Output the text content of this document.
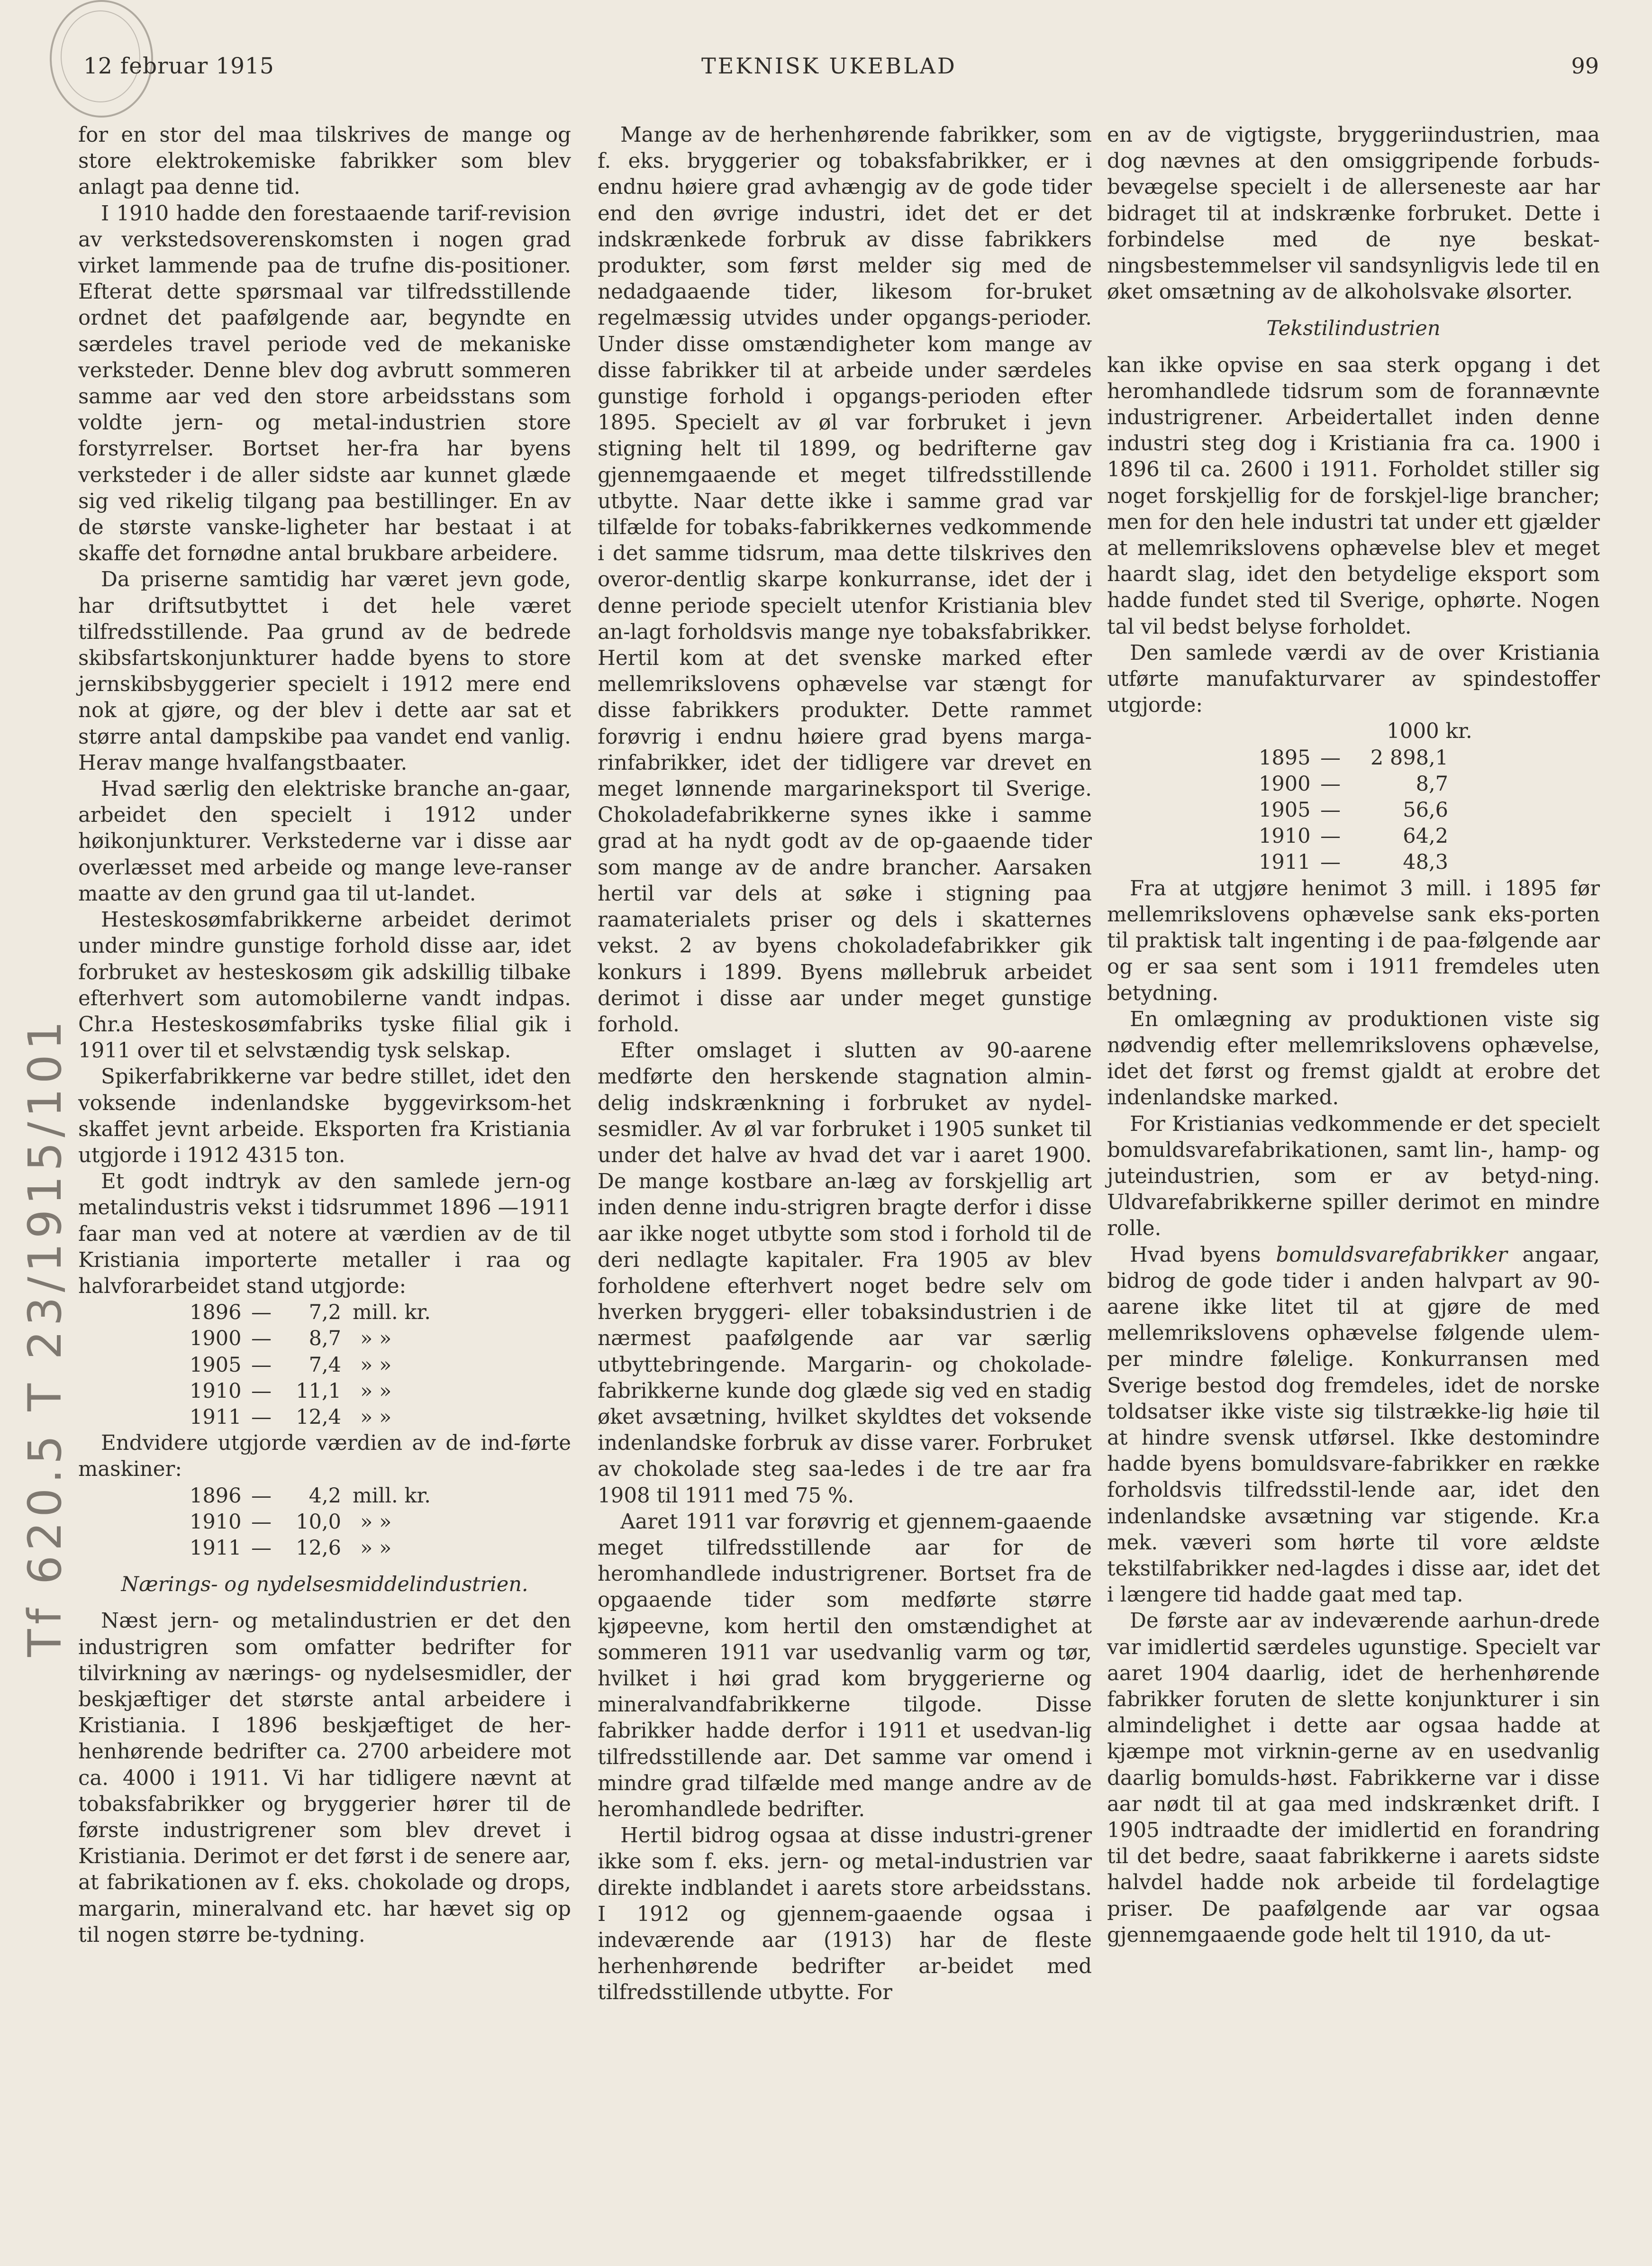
12 februar 1915	TEKNISK UKEBLAD	99
Tf 620.5 T 23/1915/101

for en stor del maa tilskrives de mange og store elektrokemiske fabrikker som blev anlagt paa denne tid.

I 1910 hadde den forestaaende tarif-revision av verkstedsoverenskomsten i nogen grad virket lammende paa de trufne dis-positioner. Efterat dette spørsmaal var tilfredsstillende ordnet det paafølgende aar, begyndte en særdeles travel periode ved de mekaniske verksteder. Denne blev dog avbrutt sommeren samme aar ved den store arbeidsstans som voldte jern- og metal-industrien store forstyrrelser. Bortset her-fra har byens verksteder i de aller sidste aar kunnet glæde sig ved rikelig tilgang paa bestillinger. En av de største vanske-ligheter har bestaat i at skaffe det fornødne antal brukbare arbeidere.

Da priserne samtidig har været jevn gode, har driftsutbyttet i det hele været tilfredsstillende. Paa grund av de bedrede skibsfartskonjunkturer hadde byens to store jernskibsbyggerier specielt i 1912 mere end nok at gjøre, og der blev i dette aar sat et større antal dampskibe paa vandet end vanlig. Herav mange hvalfangstbaater.

Hvad særlig den elektriske branche an-gaar, arbeidet den specielt i 1912 under høikonjunkturer. Verkstederne var i disse aar overlæsset med arbeide og mange leve-ranser maatte av den grund gaa til ut-landet.

Hesteskosømfabrikkerne arbeidet derimot under mindre gunstige forhold disse aar, idet forbruket av hesteskosøm gik adskillig tilbake efterhvert som automobilerne vandt indpas. Chr.a Hesteskosømfabriks tyske filial gik i 1911 over til et selvstændig tysk selskap.

Spikerfabrikkerne var bedre stillet, idet den voksende indenlandske byggevirksom-het skaffet jevnt arbeide. Eksporten fra Kristiania utgjorde i 1912 4315 ton.

Et godt indtryk av den samlede jern-og metalindustris vekst i tidsrummet 1896 —1911 faar man ved at notere at værdien av de til Kristiania importerte metaller i raa og halvforarbeidet stand utgjorde:

1896	—	7,2	mill. kr.
1900	—	8,7	» »
1905	—	7,4	» »
1910	—	11,1	» »
1911	—	12,4	» »

Endvidere utgjorde værdien av de ind-førte maskiner:

1896	—	4,2	mill. kr.
1910	—	10,0	» »
1911	—	12,6	» »
Nærings- og nydelsesmiddelindustrien.

Næst jern- og metalindustrien er det den industrigren som omfatter bedrifter for tilvirkning av nærings- og nydelsesmidler, der beskjæftiger det største antal arbeidere i Kristiania. I 1896 beskjæftiget de her-henhørende bedrifter ca. 2700 arbeidere mot ca. 4000 i 1911. Vi har tidligere nævnt at tobaksfabrikker og bryggerier hører til de første industrigrener som blev drevet i Kristiania. Derimot er det først i de senere aar, at fabrikationen av f. eks. chokolade og drops, margarin, mineralvand etc. har hævet sig op til nogen større be-tydning.

Mange av de herhenhørende fabrikker, som f. eks. bryggerier og tobaksfabrikker, er i endnu høiere grad avhængig av de gode tider end den øvrige industri, idet det er det indskrænkede forbruk av disse fabrikkers produkter, som først melder sig med de nedadgaaende tider, likesom for-bruket regelmæssig utvides under opgangs-perioder. Under disse omstændigheter kom mange av disse fabrikker til at arbeide under særdeles gunstige forhold i opgangs-perioden efter 1895. Specielt av øl var forbruket i jevn stigning helt til 1899, og bedrifterne gav gjennemgaaende et meget tilfredsstillende utbytte. Naar dette ikke i samme grad var tilfælde for tobaks-fabrikkernes vedkommende i det samme tidsrum, maa dette tilskrives den overor-dentlig skarpe konkurranse, idet der i denne periode specielt utenfor Kristiania blev an-lagt forholdsvis mange nye tobaksfabrikker. Hertil kom at det svenske marked efter mellemrikslovens ophævelse var stængt for disse fabrikkers produkter. Dette rammet forøvrig i endnu høiere grad byens marga-rinfabrikker, idet der tidligere var drevet en meget lønnende margarineksport til Sverige. Chokoladefabrikkerne synes ikke i samme grad at ha nydt godt av de op-gaaende tider som mange av de andre brancher. Aarsaken hertil var dels at søke i stigning paa raamaterialets priser og dels i skatternes vekst. 2 av byens chokoladefabrikker gik konkurs i 1899. Byens møllebruk arbeidet derimot i disse aar under meget gunstige forhold.

Efter omslaget i slutten av 90-aarene medførte den herskende stagnation almin-delig indskrænkning i forbruket av nydel-sesmidler. Av øl var forbruket i 1905 sunket til under det halve av hvad det var i aaret 1900. De mange kostbare an-læg av forskjellig art inden denne indu-strigren bragte derfor i disse aar ikke noget utbytte som stod i forhold til de deri nedlagte kapitaler. Fra 1905 av blev forholdene efterhvert noget bedre selv om hverken bryggeri- eller tobaksindustrien i de nærmest paafølgende aar var særlig utbyttebringende. Margarin- og chokolade-fabrikkerne kunde dog glæde sig ved en stadig øket avsætning, hvilket skyldtes det voksende indenlandske forbruk av disse varer. Forbruket av chokolade steg saa-ledes i de tre aar fra 1908 til 1911 med 75 %.

Aaret 1911 var forøvrig et gjennem-gaaende meget tilfredsstillende aar for de heromhandlede industrigrener. Bortset fra de opgaaende tider som medførte større kjøpeevne, kom hertil den omstændighet at sommeren 1911 var usedvanlig varm og tør, hvilket i høi grad kom bryggerierne og mineralvandfabrikkerne tilgode. Disse fabrikker hadde derfor i 1911 et usedvan-lig tilfredsstillende aar. Det samme var omend i mindre grad tilfælde med mange andre av de heromhandlede bedrifter.

Hertil bidrog ogsaa at disse industri-grener ikke som f. eks. jern- og metal-industrien var direkte indblandet i aarets store arbeidsstans. I 1912 og gjennem-gaaende ogsaa i indeværende aar (1913) har de fleste herhenhørende bedrifter ar-beidet med tilfredsstillende utbytte. For

en av de vigtigste, bryggeriindustrien, maa dog nævnes at den omsiggripende forbuds-bevægelse specielt i de allerseneste aar har bidraget til at indskrænke forbruket. Dette i forbindelse med de nye beskat-ningsbestemmelser vil sandsynligvis lede til en øket omsætning av de alkoholsvake ølsorter.

Tekstilindustrien

kan ikke opvise en saa sterk opgang i det heromhandlede tidsrum som de forannævnte industrigrener. Arbeidertallet inden denne industri steg dog i Kristiania fra ca. 1900 i 1896 til ca. 2600 i 1911. Forholdet stiller sig noget forskjellig for de forskjel-lige brancher; men for den hele industri tat under ett gjælder at mellemrikslovens ophævelse blev et meget haardt slag, idet den betydelige eksport som hadde fundet sted til Sverige, ophørte. Nogen tal vil bedst belyse forholdet.

Den samlede værdi av de over Kristiania utførte manufakturvarer av spindestoffer utgjorde:

1000 kr.
1895	—	2 898,1
1900	—	8,7
1905	—	56,6
1910	—	64,2
1911	—	48,3

Fra at utgjøre henimot 3 mill. i 1895 før mellemrikslovens ophævelse sank eks-porten til praktisk talt ingenting i de paa-følgende aar og er saa sent som i 1911 fremdeles uten betydning.

En omlægning av produktionen viste sig nødvendig efter mellemrikslovens ophævelse, idet det først og fremst gjaldt at erobre det indenlandske marked.

For Kristianias vedkommende er det specielt bomuldsvarefabrikationen, samt lin-, hamp- og juteindustrien, som er av betyd-ning. Uldvarefabrikkerne spiller derimot en mindre rolle.

Hvad byens bomuldsvarefabrikker angaar, bidrog de gode tider i anden halvpart av 90-aarene ikke litet til at gjøre de med mellemrikslovens ophævelse følgende ulem-per mindre følelige. Konkurransen med Sverige bestod dog fremdeles, idet de norske toldsatser ikke viste sig tilstrække-lig høie til at hindre svensk utførsel. Ikke destomindre hadde byens bomuldsvare-fabrikker en række forholdsvis tilfredsstil-lende aar, idet den indenlandske avsætning var stigende. Kr.a mek. væveri som hørte til vore ældste tekstilfabrikker ned-lagdes i disse aar, idet det i længere tid hadde gaat med tap.

De første aar av indeværende aarhun-drede var imidlertid særdeles ugunstige. Specielt var aaret 1904 daarlig, idet de herhenhørende fabrikker foruten de slette konjunkturer i sin almindelighet i dette aar ogsaa hadde at kjæmpe mot virknin-gerne av en usedvanlig daarlig bomulds-høst. Fabrikkerne var i disse aar nødt til at gaa med indskrænket drift. I 1905 indtraadte der imidlertid en forandring til det bedre, saaat fabrikkerne i aarets sidste halvdel hadde nok arbeide til fordelagtige priser. De paafølgende aar var ogsaa gjennemgaaende gode helt til 1910, da ut-
